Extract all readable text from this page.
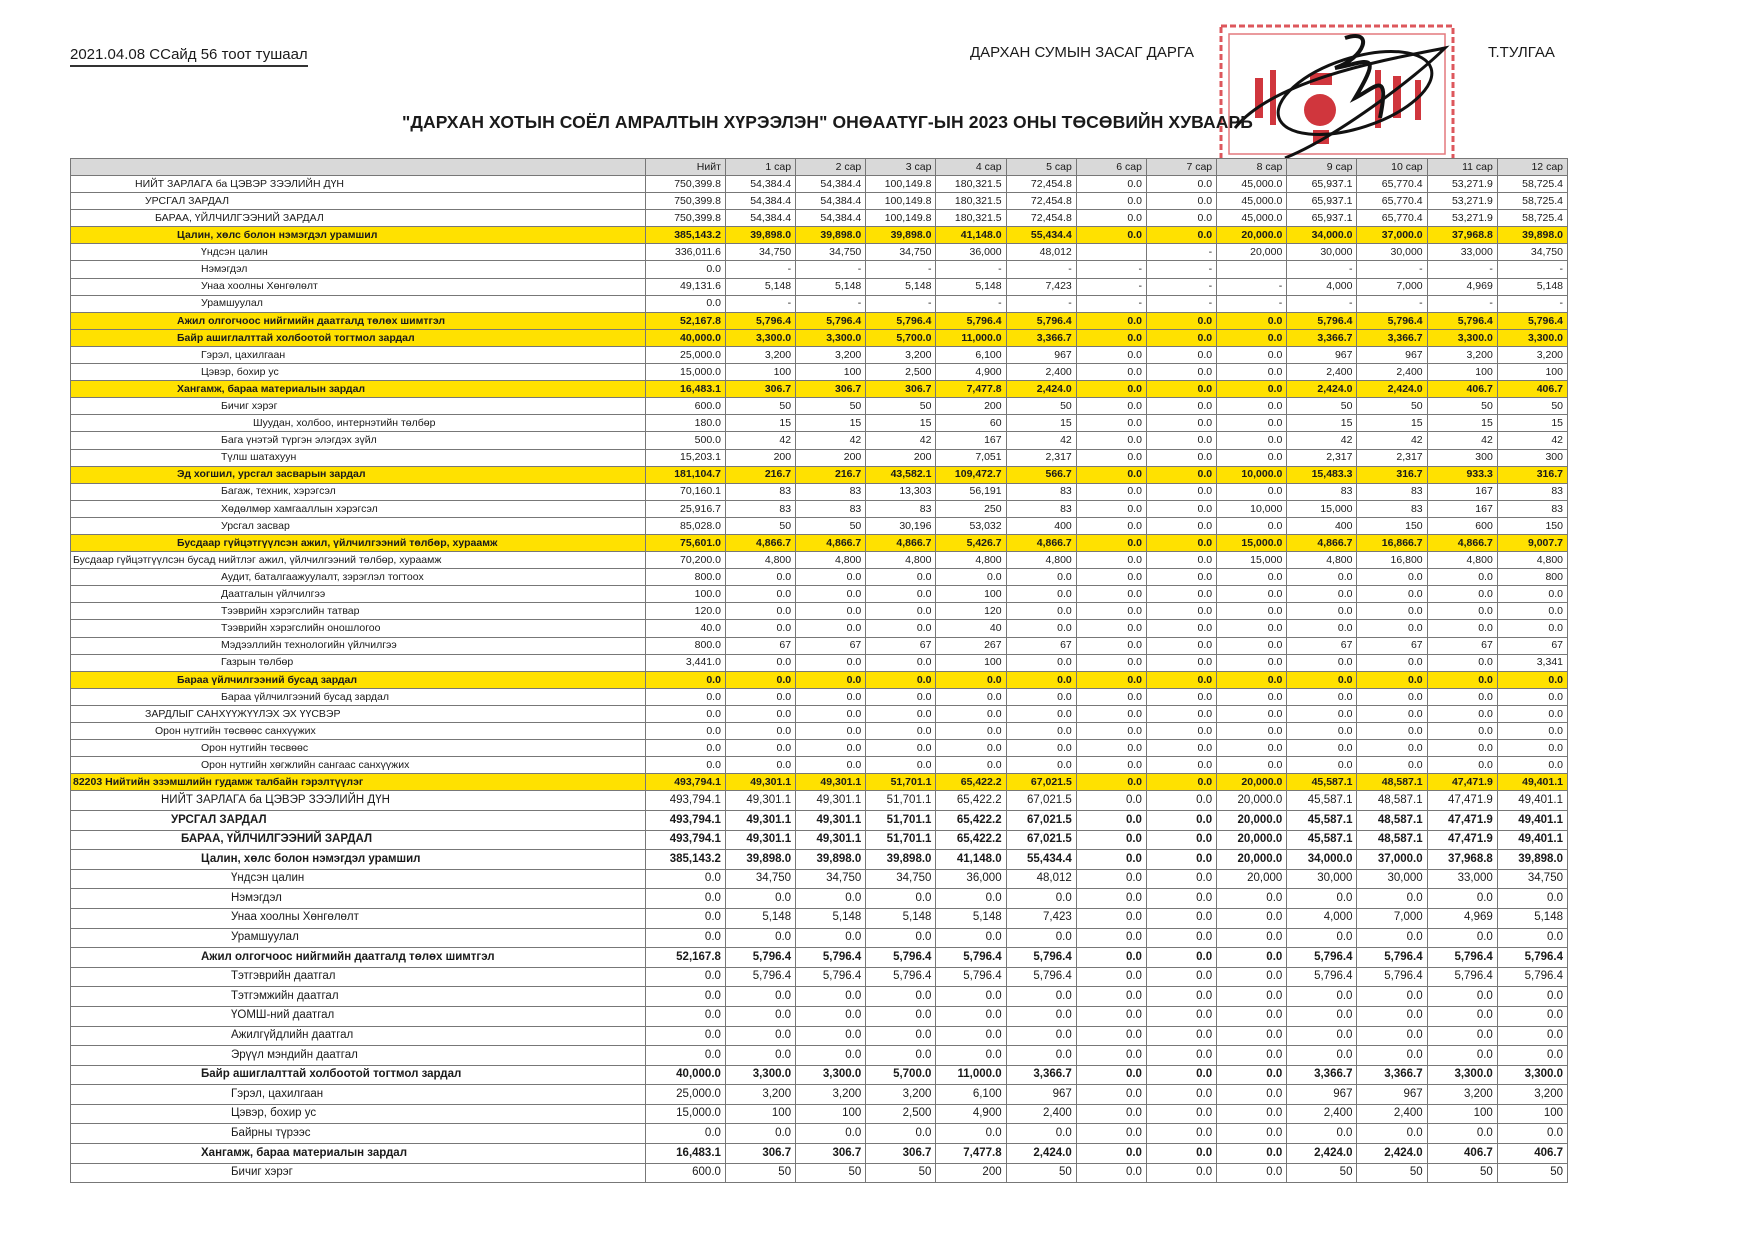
2021.04.08 ССайд 56 тоот тушаал	ДАРХАН СУМЫН ЗАСАГ ДАРГА	Т.ТУЛГАА
"ДАРХАН ХОТЫН СОЁЛ АМРАЛТЫН ХҮРЭЭЛЭН" ОНӨААТҮГ-ЫН 2023 ОНЫ ТӨСӨВИЙН ХУВААРЬ
	Нийт	1 сар	2 сар	3 сар	4 сар	5 сар	6 сар	7 сар	8 сар	9 сар	10 сар	11 сар	12 сар
НИЙТ ЗАРЛАГА ба ЦЭВЭР ЗЭЭЛИЙН ДҮН	750,399.8	54,384.4	54,384.4	100,149.8	180,321.5	72,454.8	0.0	0.0	45,000.0	65,937.1	65,770.4	53,271.9	58,725.4
УРСГАЛ ЗАРДАЛ	750,399.8	54,384.4	54,384.4	100,149.8	180,321.5	72,454.8	0.0	0.0	45,000.0	65,937.1	65,770.4	53,271.9	58,725.4
БАРАА, ҮЙЛЧИЛГЭЭНИЙ ЗАРДАЛ	750,399.8	54,384.4	54,384.4	100,149.8	180,321.5	72,454.8	0.0	0.0	45,000.0	65,937.1	65,770.4	53,271.9	58,725.4
Цалин, хөлс болон нэмэгдэл урамшил	385,143.2	39,898.0	39,898.0	39,898.0	41,148.0	55,434.4	0.0	0.0	20,000.0	34,000.0	37,000.0	37,968.8	39,898.0
Үндсэн цалин	336,011.6	34,750	34,750	34,750	36,000	48,012		-	20,000	30,000	30,000	33,000	34,750
Нэмэгдэл	0.0	-	-	-	-	-	-	-		-	-	-	-
Унаа хоолны Хөнгөлөлт	49,131.6	5,148	5,148	5,148	5,148	7,423	-	-	-	4,000	7,000	4,969	5,148
Урамшуулал	0.0	-	-	-	-	-	-	-	-	-	-	-	-
Ажил олгогчоос нийгмийн даатгалд төлөх шимтгэл	52,167.8	5,796.4	5,796.4	5,796.4	5,796.4	5,796.4	0.0	0.0	0.0	5,796.4	5,796.4	5,796.4	5,796.4
Байр ашиглалттай холбоотой тогтмол зардал	40,000.0	3,300.0	3,300.0	5,700.0	11,000.0	3,366.7	0.0	0.0	0.0	3,366.7	3,366.7	3,300.0	3,300.0
Гэрэл, цахилгаан	25,000.0	3,200	3,200	3,200	6,100	967	0.0	0.0	0.0	967	967	3,200	3,200
Цэвэр, бохир ус	15,000.0	100	100	2,500	4,900	2,400	0.0	0.0	0.0	2,400	2,400	100	100
Хангамж, бараа материалын зардал	16,483.1	306.7	306.7	306.7	7,477.8	2,424.0	0.0	0.0	0.0	2,424.0	2,424.0	406.7	406.7
Бичиг хэрэг	600.0	50	50	50	200	50	0.0	0.0	0.0	50	50	50	50
Шуудан, холбоо, интернэтийн төлбөр	180.0	15	15	15	60	15	0.0	0.0	0.0	15	15	15	15
Бага үнэтэй түргэн элэгдэх зүйл	500.0	42	42	42	167	42	0.0	0.0	0.0	42	42	42	42
Түлш шатахуун	15,203.1	200	200	200	7,051	2,317	0.0	0.0	0.0	2,317	2,317	300	300
Эд хогшил, урсгал засварын зардал	181,104.7	216.7	216.7	43,582.1	109,472.7	566.7	0.0	0.0	10,000.0	15,483.3	316.7	933.3	316.7
Багаж, техник, хэрэгсэл	70,160.1	83	83	13,303	56,191	83	0.0	0.0	0.0	83	83	167	83
Хөдөлмөр хамгааллын хэрэгсэл	25,916.7	83	83	83	250	83	0.0	0.0	10,000	15,000	83	167	83
Урсгал засвар	85,028.0	50	50	30,196	53,032	400	0.0	0.0	0.0	400	150	600	150
Бусдаар гүйцэтгүүлсэн ажил, үйлчилгээний төлбөр, хураамж	75,601.0	4,866.7	4,866.7	4,866.7	5,426.7	4,866.7	0.0	0.0	15,000.0	4,866.7	16,866.7	4,866.7	9,007.7
Бусдаар гүйцэтгүүлсэн бусад нийтлэг ажил, үйлчилгээний төлбөр, хураамж	70,200.0	4,800	4,800	4,800	4,800	4,800	0.0	0.0	15,000	4,800	16,800	4,800	4,800
Аудит, баталгаажуулалт, зэрэглэл тогтоох	800.0	0.0	0.0	0.0	0.0	0.0	0.0	0.0	0.0	0.0	0.0	0.0	800
Даатгалын үйлчилгээ	100.0	0.0	0.0	0.0	100	0.0	0.0	0.0	0.0	0.0	0.0	0.0	0.0
Тээврийн хэрэгслийн татвар	120.0	0.0	0.0	0.0	120	0.0	0.0	0.0	0.0	0.0	0.0	0.0	0.0
Тээврийн хэрэгслийн оношлогоо	40.0	0.0	0.0	0.0	40	0.0	0.0	0.0	0.0	0.0	0.0	0.0	0.0
Мэдээллийн технологийн үйлчилгээ	800.0	67	67	67	267	67	0.0	0.0	0.0	67	67	67	67
Газрын төлбөр	3,441.0	0.0	0.0	0.0	100	0.0	0.0	0.0	0.0	0.0	0.0	0.0	3,341
Бараа үйлчилгээний бусад зардал	0.0	0.0	0.0	0.0	0.0	0.0	0.0	0.0	0.0	0.0	0.0	0.0	0.0
Бараа үйлчилгээний бусад зардал	0.0	0.0	0.0	0.0	0.0	0.0	0.0	0.0	0.0	0.0	0.0	0.0	0.0
ЗАРДЛЫГ САНХҮҮЖҮҮЛЭХ ЭХ ҮҮСВЭР	0.0	0.0	0.0	0.0	0.0	0.0	0.0	0.0	0.0	0.0	0.0	0.0	0.0
Орон нутгийн төсвөөс санхүүжих	0.0	0.0	0.0	0.0	0.0	0.0	0.0	0.0	0.0	0.0	0.0	0.0	0.0
Орон нутгийн төсвөөс	0.0	0.0	0.0	0.0	0.0	0.0	0.0	0.0	0.0	0.0	0.0	0.0	0.0
Орон нутгийн хөгжлийн сангаас санхүүжих	0.0	0.0	0.0	0.0	0.0	0.0	0.0	0.0	0.0	0.0	0.0	0.0	0.0
82203 Нийтийн эзэмшлийн гудамж талбайн гэрэлтүүлэг	493,794.1	49,301.1	49,301.1	51,701.1	65,422.2	67,021.5	0.0	0.0	20,000.0	45,587.1	48,587.1	47,471.9	49,401.1
НИЙТ ЗАРЛАГА ба ЦЭВЭР ЗЭЭЛИЙН ДҮН	493,794.1	49,301.1	49,301.1	51,701.1	65,422.2	67,021.5	0.0	0.0	20,000.0	45,587.1	48,587.1	47,471.9	49,401.1
УРСГАЛ ЗАРДАЛ	493,794.1	49,301.1	49,301.1	51,701.1	65,422.2	67,021.5	0.0	0.0	20,000.0	45,587.1	48,587.1	47,471.9	49,401.1
БАРАА, ҮЙЛЧИЛГЭЭНИЙ ЗАРДАЛ	493,794.1	49,301.1	49,301.1	51,701.1	65,422.2	67,021.5	0.0	0.0	20,000.0	45,587.1	48,587.1	47,471.9	49,401.1
Цалин, хөлс болон нэмэгдэл урамшил	385,143.2	39,898.0	39,898.0	39,898.0	41,148.0	55,434.4	0.0	0.0	20,000.0	34,000.0	37,000.0	37,968.8	39,898.0
Үндсэн цалин	0.0	34,750	34,750	34,750	36,000	48,012	0.0	0.0	20,000	30,000	30,000	33,000	34,750
Нэмэгдэл	0.0	0.0	0.0	0.0	0.0	0.0	0.0	0.0	0.0	0.0	0.0	0.0	0.0
Унаа хоолны Хөнгөлөлт	0.0	5,148	5,148	5,148	5,148	7,423	0.0	0.0	0.0	4,000	7,000	4,969	5,148
Урамшуулал	0.0	0.0	0.0	0.0	0.0	0.0	0.0	0.0	0.0	0.0	0.0	0.0	0.0
Ажил олгогчоос нийгмийн даатгалд төлөх шимтгэл	52,167.8	5,796.4	5,796.4	5,796.4	5,796.4	5,796.4	0.0	0.0	0.0	5,796.4	5,796.4	5,796.4	5,796.4
Тэтгэврийн даатгал	0.0	5,796.4	5,796.4	5,796.4	5,796.4	5,796.4	0.0	0.0	0.0	5,796.4	5,796.4	5,796.4	5,796.4
Тэтгэмжийн даатгал	0.0	0.0	0.0	0.0	0.0	0.0	0.0	0.0	0.0	0.0	0.0	0.0	0.0
ҮОМШ-ний даатгал	0.0	0.0	0.0	0.0	0.0	0.0	0.0	0.0	0.0	0.0	0.0	0.0	0.0
Ажилгүйдлийн даатгал	0.0	0.0	0.0	0.0	0.0	0.0	0.0	0.0	0.0	0.0	0.0	0.0	0.0
Эрүүл мэндийн даатгал	0.0	0.0	0.0	0.0	0.0	0.0	0.0	0.0	0.0	0.0	0.0	0.0	0.0
Байр ашиглалттай холбоотой тогтмол зардал	40,000.0	3,300.0	3,300.0	5,700.0	11,000.0	3,366.7	0.0	0.0	0.0	3,366.7	3,366.7	3,300.0	3,300.0
Гэрэл, цахилгаан	25,000.0	3,200	3,200	3,200	6,100	967	0.0	0.0	0.0	967	967	3,200	3,200
Цэвэр, бохир ус	15,000.0	100	100	2,500	4,900	2,400	0.0	0.0	0.0	2,400	2,400	100	100
Байрны түрээс	0.0	0.0	0.0	0.0	0.0	0.0	0.0	0.0	0.0	0.0	0.0	0.0	0.0
Хангамж, бараа материалын зардал	16,483.1	306.7	306.7	306.7	7,477.8	2,424.0	0.0	0.0	0.0	2,424.0	2,424.0	406.7	406.7
Бичиг хэрэг	600.0	50	50	50	200	50	0.0	0.0	0.0	50	50	50	50
